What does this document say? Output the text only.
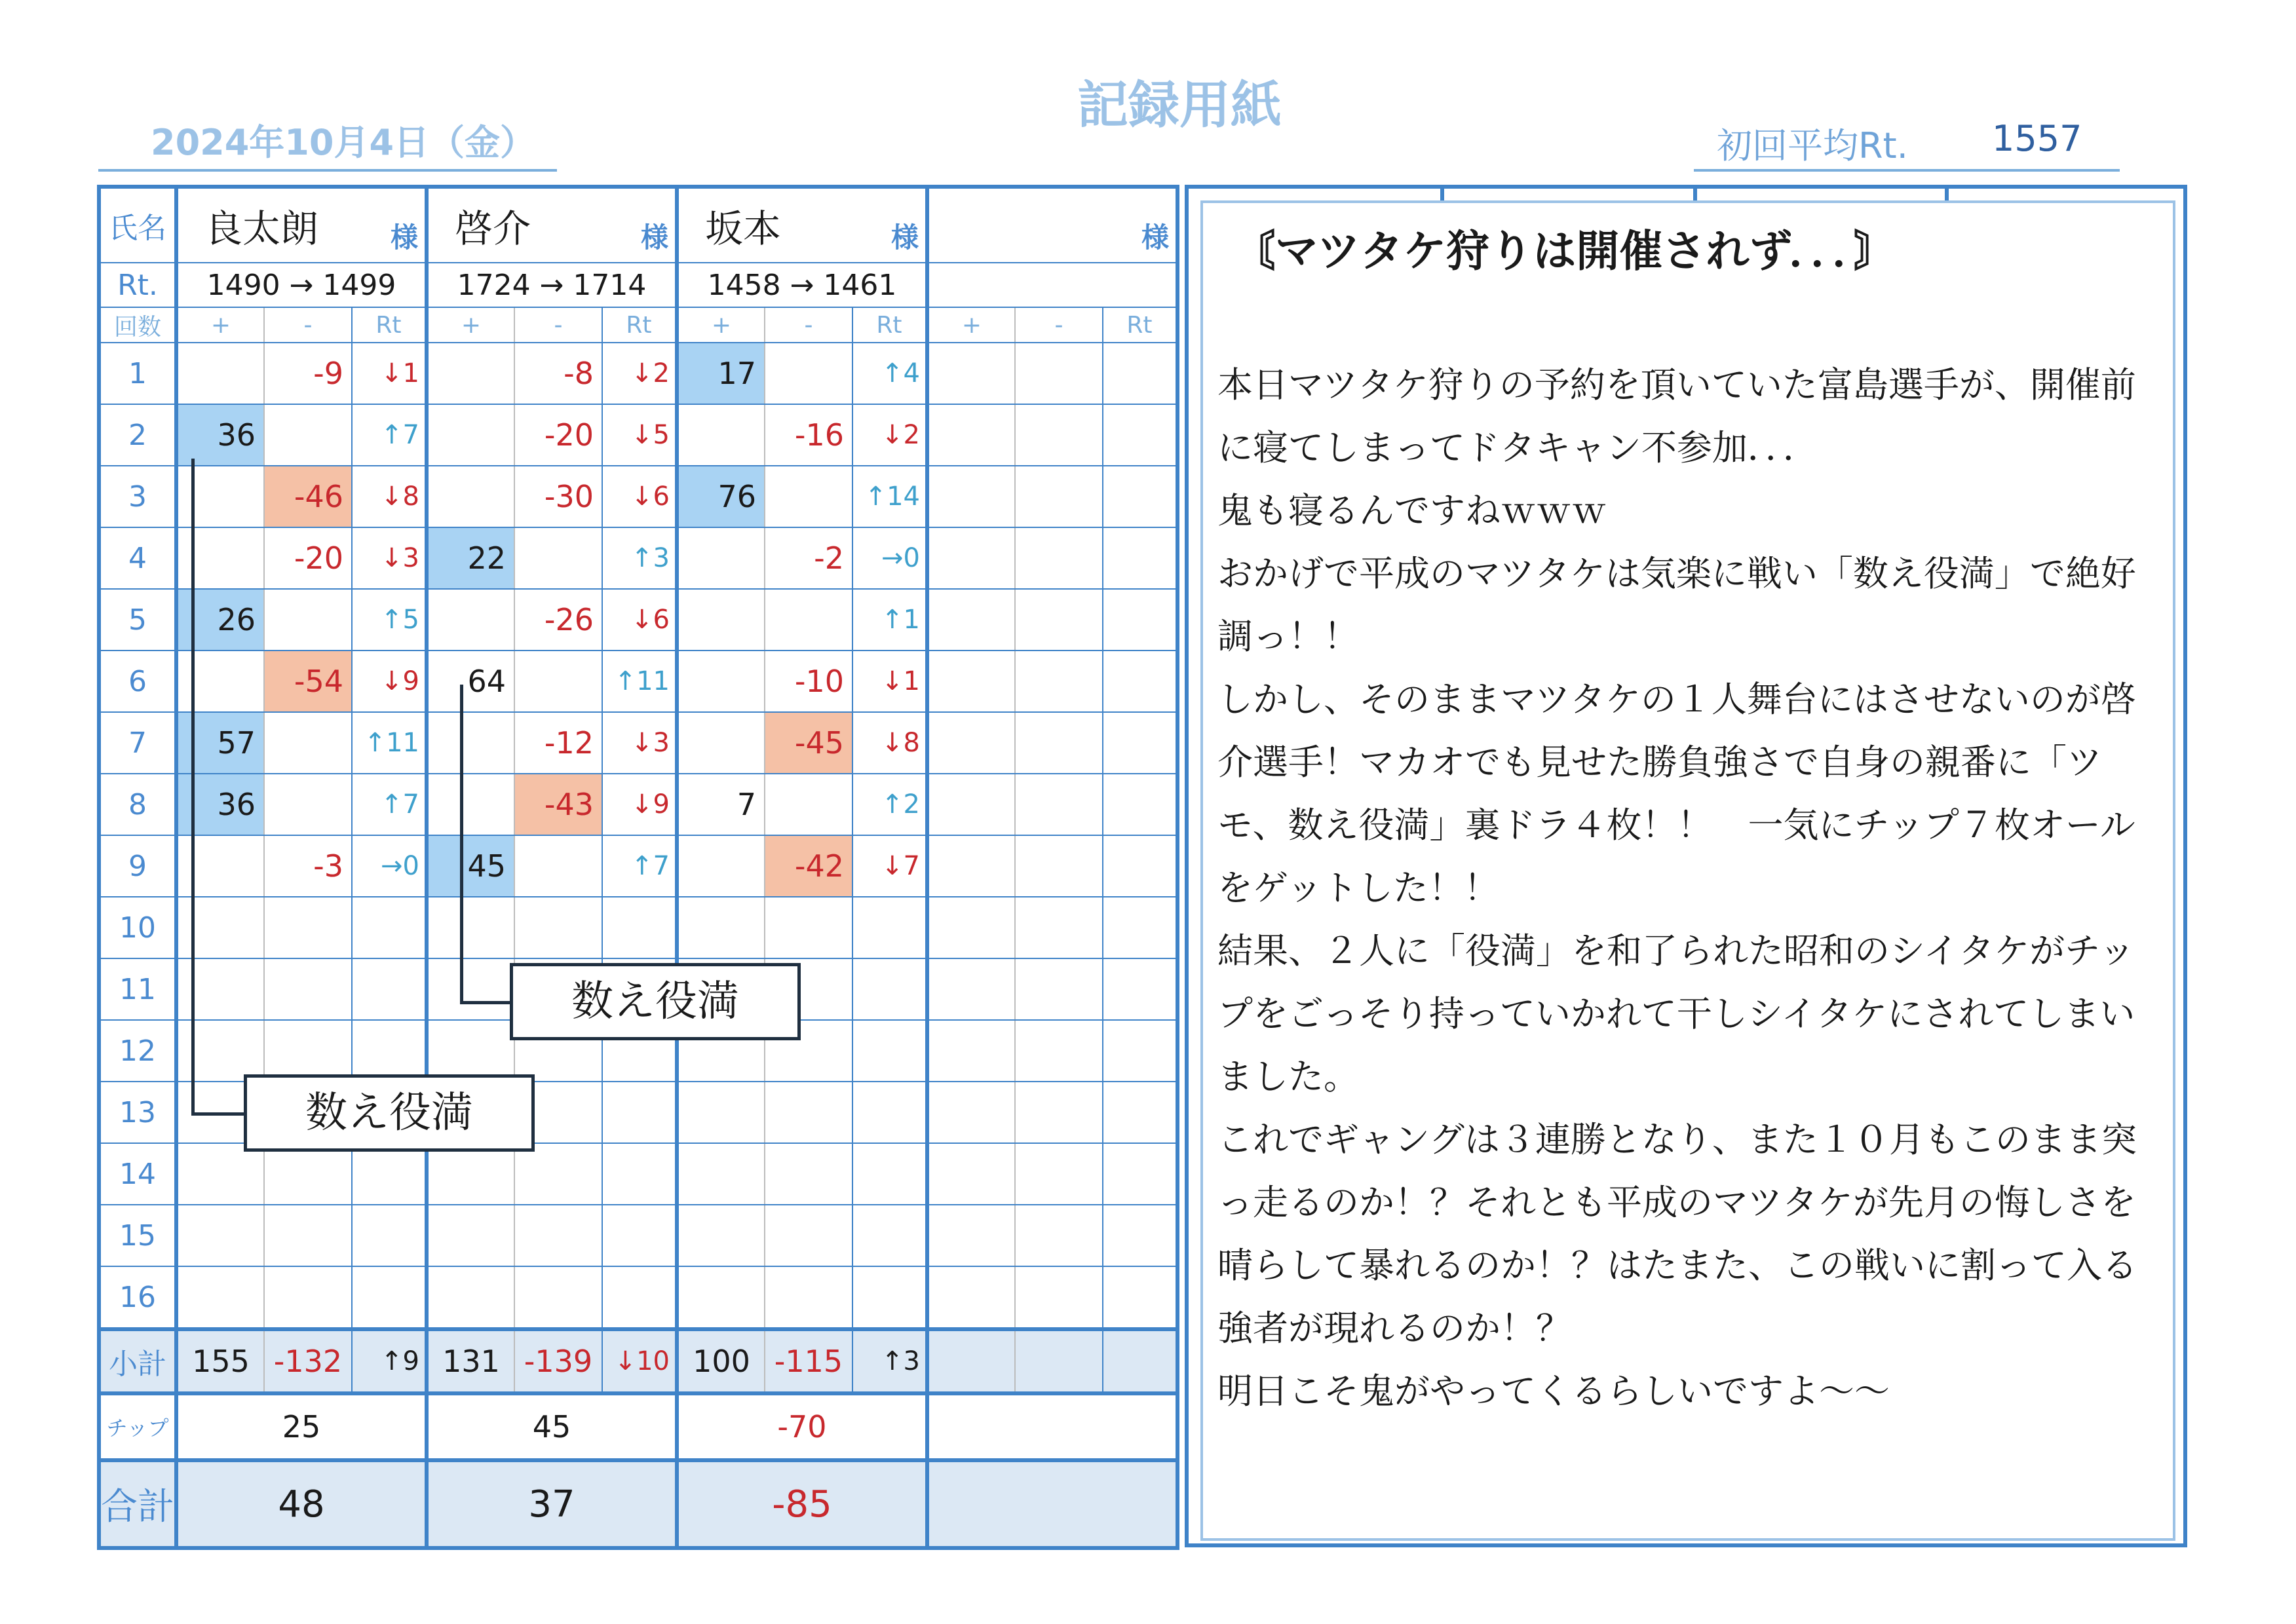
記録用紙
2024年10月4日（金）	初回平均Rt. 1557
氏名	良太朗 様			啓介 様			坂本 様			様		

Rt.	1490 → 1499			1724 → 1714			1458 → 1461					
回数	+	-	Rt	+	-	Rt	+	-	Rt	+	-	Rt
1		-9	↓1		-8	↓2	17		↑4			
2	36		↑7		-20	↓5		-16	↓2			
3		-46	↓8		-30	↓6	76		↑14			
4		-20	↓3	22		↑3		-2	→0			
5	26		↑5		-26	↓6			↑1			
6		-54	↓9	64		↑11		-10	↓1			
7	57		↑11		-12	↓3		-45	↓8			
8	36		↑7		-43	↓9	7		↑2			
9		-3	→0	45		↑7		-42	↓7			
10												
11												
12												
13												
14												
15												
16												
小計	155	-132	↑9	131	-139	↓10	100	-115	↑3			
チップ	25			45			-70					
合計	48			37			-85					
数え役満
数え役満
〘マツタケ狩りは開催されず．．．〙

本日マツタケ狩りの予約を頂いていた富島選手が、開催前に寝てしまってドタキャン不参加．．．
鬼も寝るんですねｗｗｗ

おかげで平成のマツタケは気楽に戦い「数え役満」で絶好調っ！！
しかし、そのままマツタケの１人舞台にはさせないのが啓介選手！マカオでも見せた勝負強さで自身の親番に「ツモ、数え役満」裏ドラ４枚！！　一気にチップ７枚オールをゲットした！！
結果、２人に「役満」を和了られた昭和のシイタケがチップをごっそり持っていかれて干しシイタケにされてしまいました。
これでギャングは３連勝となり、また１０月もこのまま突っ走るのか！？それとも平成のマツタケが先月の悔しさを晴らして暴れるのか！？はたまた、この戦いに割って入る強者が現れるのか！？

明日こそ鬼がやってくるらしいですよ～～
